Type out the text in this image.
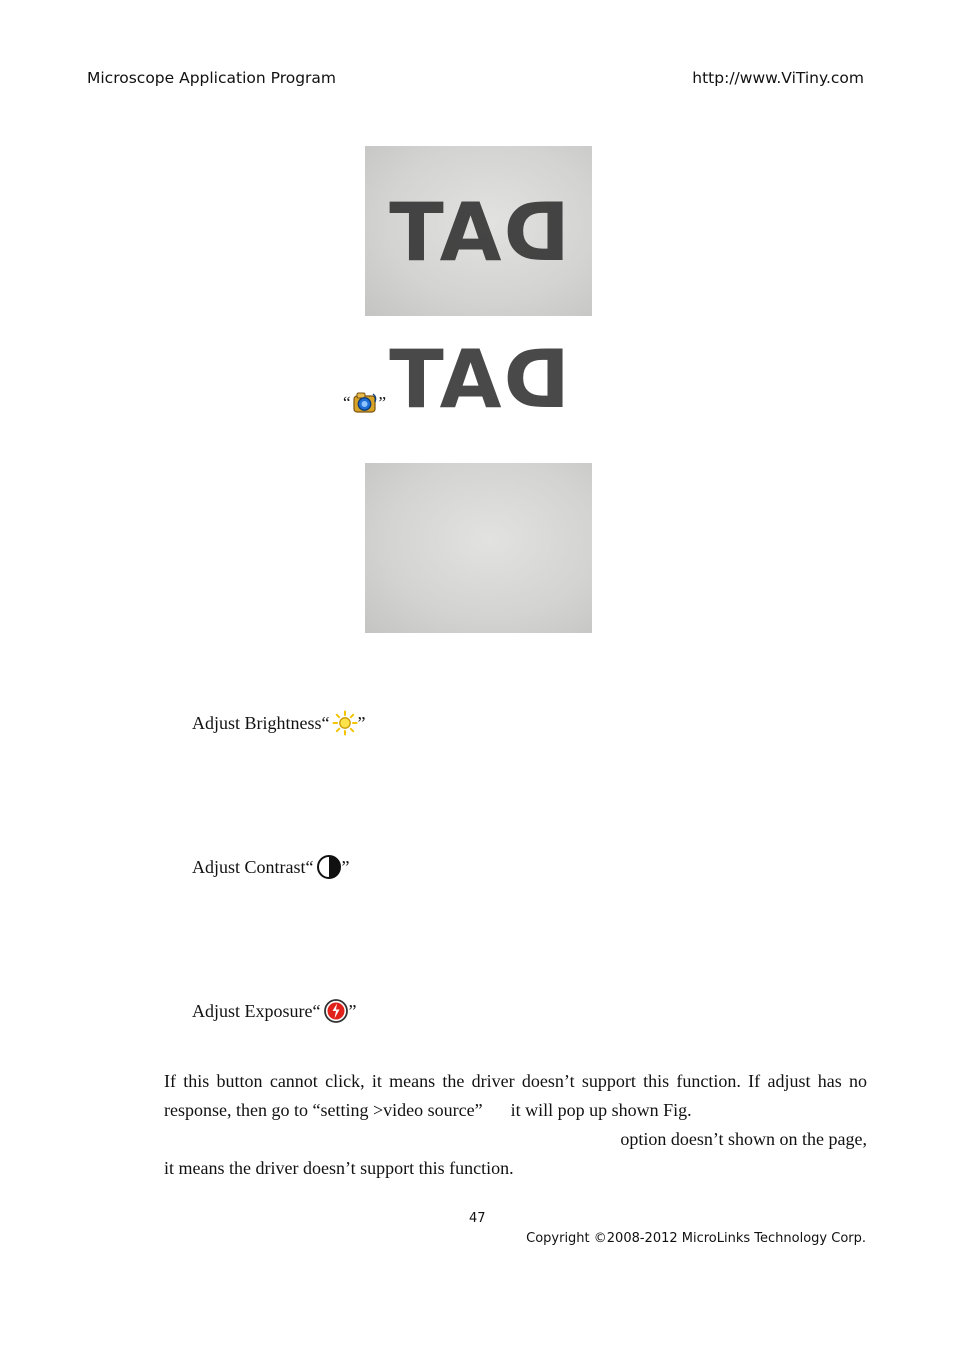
Microscope Application Program	http://www.ViTiny.com
DAT
“ ” DAT
Adjust Brightness “ ”
Adjust Contrast “ ”
Adjust Exposure “ ”
If this button cannot click, it means the driver doesn’t support this function. If adjust has no
response, then go to “setting >video source” it will pop up shown Fig.
option doesn’t shown on the page,
it means the driver doesn’t support this function.
47
Copyright ©2008-2012 MicroLinks Technology Corp.
